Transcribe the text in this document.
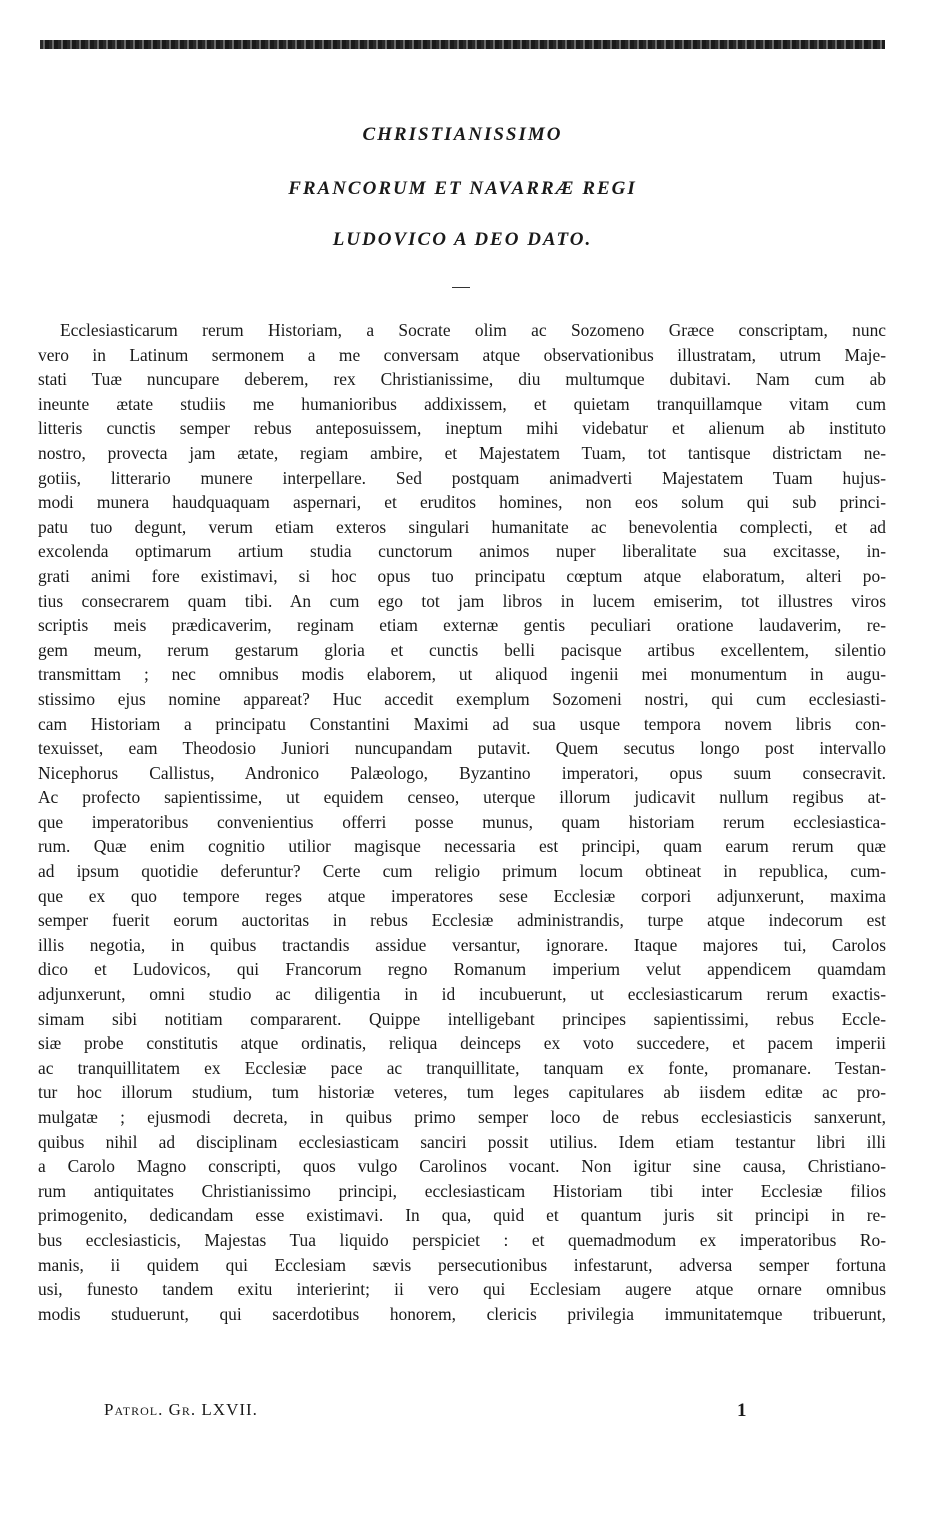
CHRISTIANISSIMO
FRANCORUM ET NAVARRÆ REGI
LUDOVICO A DEO DATO.
Ecclesiasticarum rerum Historiam, a Socrate olim ac Sozomeno Græce conscriptam, nunc
vero in Latinum sermonem a me conversam atque observationibus illustratam, utrum Maje-
stati Tuæ nuncupare deberem, rex Christianissime, diu multumque dubitavi. Nam cum ab
ineunte ætate studiis me humanioribus addixissem, et quietam tranquillamque vitam cum
litteris cunctis semper rebus anteposuissem, ineptum mihi videbatur et alienum ab instituto
nostro, provecta jam ætate, regiam ambire, et Majestatem Tuam, tot tantisque districtam ne-
gotiis, litterario munere interpellare. Sed postquam animadverti Majestatem Tuam hujus-
modi munera haudquaquam aspernari, et eruditos homines, non eos solum qui sub princi-
patu tuo degunt, verum etiam exteros singulari humanitate ac benevolentia complecti, et ad
excolenda optimarum artium studia cunctorum animos nuper liberalitate sua excitasse, in-
grati animi fore existimavi, si hoc opus tuo principatu cœptum atque elaboratum, alteri po-
tius consecrarem quam tibi. An cum ego tot jam libros in lucem emiserim, tot illustres viros
scriptis meis prædicaverim, reginam etiam externæ gentis peculiari oratione laudaverim, re-
gem meum, rerum gestarum gloria et cunctis belli pacisque artibus excellentem, silentio
transmittam ; nec omnibus modis elaborem, ut aliquod ingenii mei monumentum in augu-
stissimo ejus nomine appareat? Huc accedit exemplum Sozomeni nostri, qui cum ecclesiasti-
cam Historiam a principatu Constantini Maximi ad sua usque tempora novem libris con-
texuisset, eam Theodosio Juniori nuncupandam putavit. Quem secutus longo post intervallo
Nicephorus Callistus, Andronico Palæologo, Byzantino imperatori, opus suum consecravit.
Ac profecto sapientissime, ut equidem censeo, uterque illorum judicavit nullum regibus at-
que imperatoribus convenientius offerri posse munus, quam historiam rerum ecclesiastica-
rum. Quæ enim cognitio utilior magisque necessaria est principi, quam earum rerum quæ
ad ipsum quotidie deferuntur? Certe cum religio primum locum obtineat in republica, cum-
que ex quo tempore reges atque imperatores sese Ecclesiæ corpori adjunxerunt, maxima
semper fuerit eorum auctoritas in rebus Ecclesiæ administrandis, turpe atque indecorum est
illis negotia, in quibus tractandis assidue versantur, ignorare. Itaque majores tui, Carolos
dico et Ludovicos, qui Francorum regno Romanum imperium velut appendicem quamdam
adjunxerunt, omni studio ac diligentia in id incubuerunt, ut ecclesiasticarum rerum exactis-
simam sibi notitiam compararent. Quippe intelligebant principes sapientissimi, rebus Eccle-
siæ probe constitutis atque ordinatis, reliqua deinceps ex voto succedere, et pacem imperii
ac tranquillitatem ex Ecclesiæ pace ac tranquillitate, tanquam ex fonte, promanare. Testan-
tur hoc illorum studium, tum historiæ veteres, tum leges capitulares ab iisdem editæ ac pro-
mulgatæ ; ejusmodi decreta, in quibus primo semper loco de rebus ecclesiasticis sanxerunt,
quibus nihil ad disciplinam ecclesiasticam sanciri possit utilius. Idem etiam testantur libri illi
a Carolo Magno conscripti, quos vulgo Carolinos vocant. Non igitur sine causa, Christiano-
rum antiquitates Christianissimo principi, ecclesiasticam Historiam tibi inter Ecclesiæ filios
primogenito, dedicandam esse existimavi. In qua, quid et quantum juris sit principi in re-
bus ecclesiasticis, Majestas Tua liquido perspiciet : et quemadmodum ex imperatoribus Ro-
manis, ii quidem qui Ecclesiam sævis persecutionibus infestarunt, adversa semper fortuna
usi, funesto tandem exitu interierint; ii vero qui Ecclesiam augere atque ornare omnibus
modis studuerunt, qui sacerdotibus honorem, clericis privilegia immunitatemque tribuerunt,
Patrol. Gr. LXVII.	1
